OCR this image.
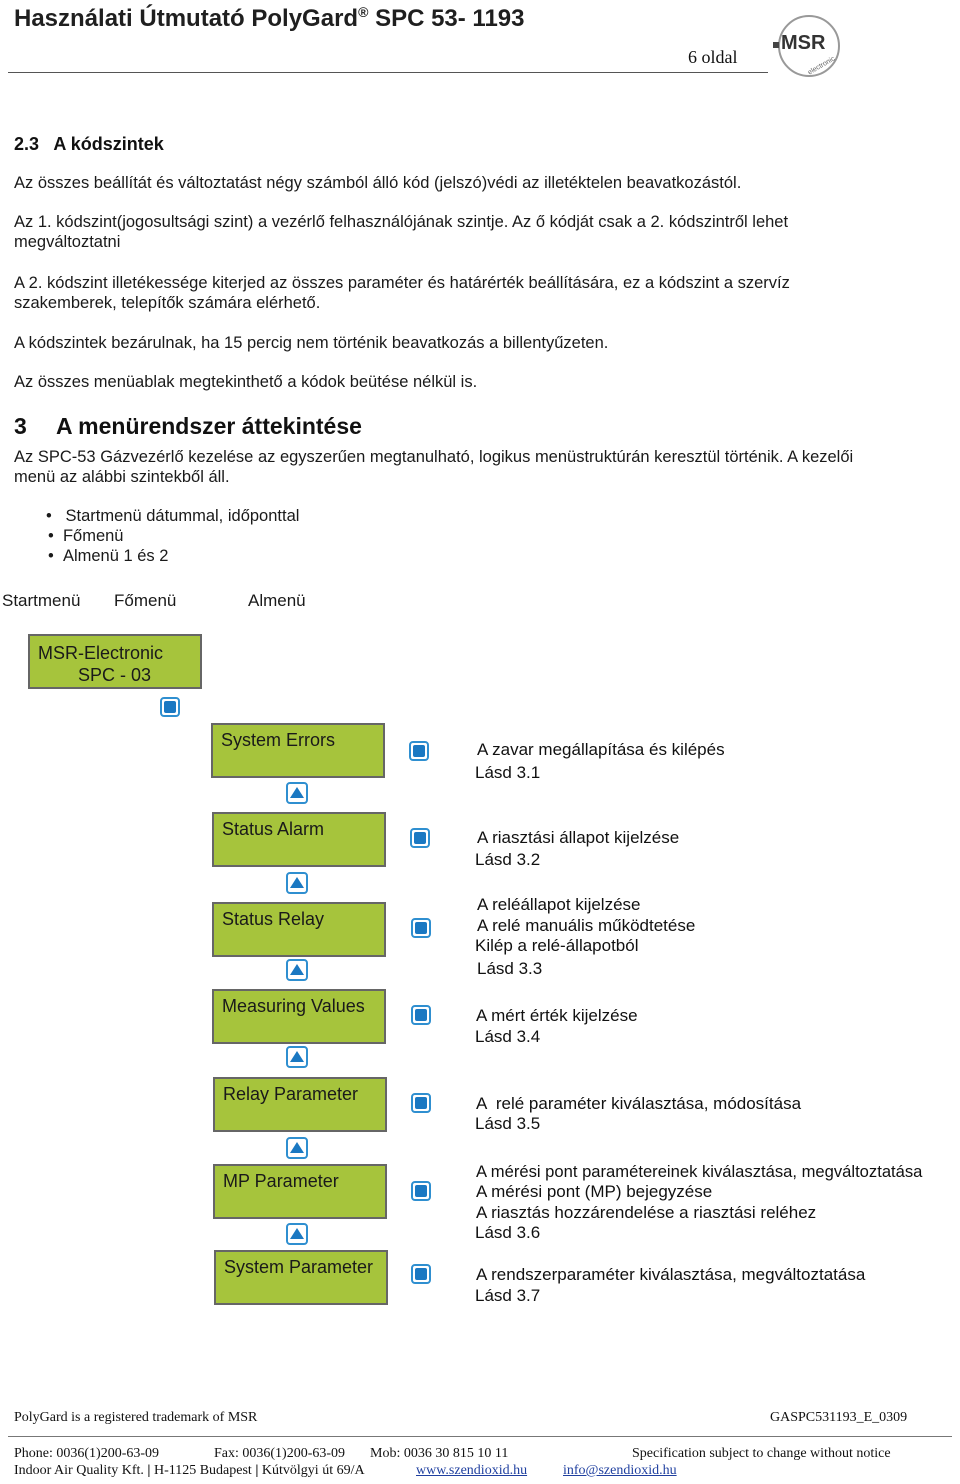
Használati Útmutató PolyGard® SPC 53- 1193
6 oldal
MSR
electronic
2.3   A kódszintek
Az összes beállítát és változtatást négy számból álló kód (jelszó)védi az illetéktelen beavatkozástól.
Az 1. kódszint(jogosultsági szint) a vezérlő felhasználójának szintje. Az ő kódját csak a 2. kódszintről lehet
megváltoztatni
A 2. kódszint illetékessége kiterjed az összes paraméter és határérték beállítására, ez a kódszint a szervíz
szakemberek, telepítők számára elérhető.
A kódszintek bezárulnak, ha 15 percig nem történik beavatkozás a billentyűzeten.
Az összes menüablak megtekinthető a kódok beütése nélkül is.
3 A menürendszer áttekintése
Az SPC-53 Gázvezérlő kezelése az egyszerűen megtanulható, logikus menüstruktúrán keresztül történik. A kezelői
menü az alábbi szintekből áll.
•   Startmenü dátummal, időponttal
•  Főmenü
•  Almenü 1 és 2
Startmenü Főmenü	Almenü
MSR-Electronic
SPC - 03
System Errors
Status Alarm
Status Relay
Measuring Values
Relay Parameter
MP Parameter
System Parameter
A zavar megállapítása és kilépés
Lásd 3.1
A riasztási állapot kijelzése
Lásd 3.2
A reléállapot kijelzése
A relé manuális működtetése
Kilép a relé-állapotból
Lásd 3.3
A mért érték kijelzése
Lásd 3.4
A  relé paraméter kiválasztása, módosítása
Lásd 3.5
A mérési pont paramétereinek kiválasztása, megváltoztatása
A mérési pont (MP) bejegyzése
A riasztás hozzárendelése a riasztási reléhez
Lásd 3.6
A rendszerparaméter kiválasztása, megváltoztatása
Lásd 3.7
PolyGard is a registered trademark of MSR	GASPC531193_E_0309
Phone: 0036(1)200-63-09	Fax: 0036(1)200-63-09 Mob: 0036 30 815 10 11	Specification subject to change without notice
Indoor Air Quality Kft. | H-1125 Budapest | Kútvölgyi út 69/A	www.szendioxid.hu	info@szendioxid.hu
